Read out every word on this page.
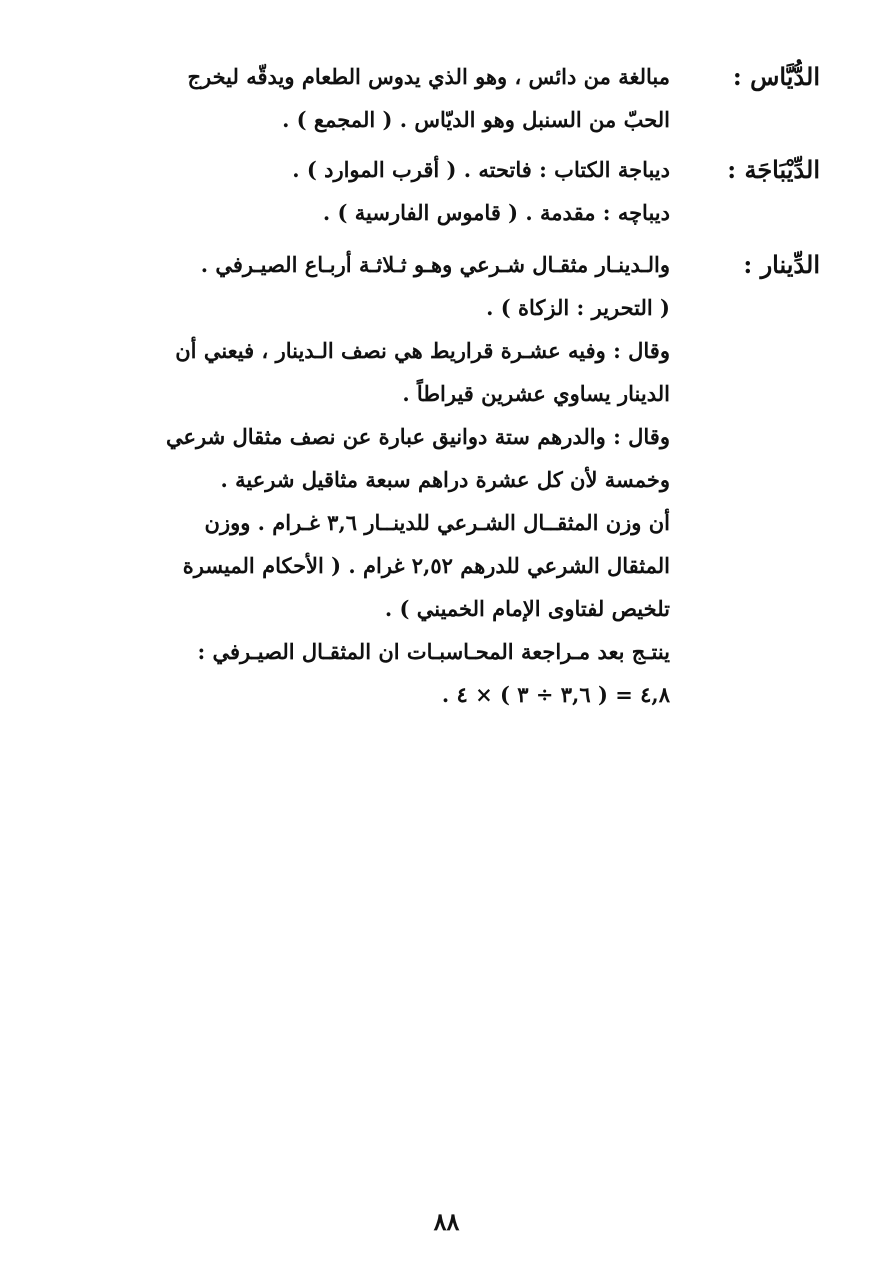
الدُّيَّاس :
مبالغة من دائس ، وهو الذي يدوس الطعام ويدقّه ليخرج
الحبّ من السنبل وهو الديّاس . ( المجمع ) .
الدِّيْبَاجَة :
ديباجة الكتاب : فاتحته . ( أقرب الموارد ) .
ديباچه : مقدمة . ( قاموس الفارسية ) .
الدِّينار :
والـدينـار مثقـال شـرعي وهـو ثـلاثـة أربـاع الصيـرفي .
( التحرير : الزكاة ) .
وقال : وفيه عشـرة قراريط هي نصف الـدينار ، فيعني أن
الدينار يساوي عشرين قيراطاً .
وقال : والدرهم ستة دوانيق عبارة عن نصف مثقال شرعي
وخمسة لأن كل عشرة دراهم سبعة مثاقيل شرعية .
أن وزن المثقــال الشـرعي للدينــار ٣,٦ غـرام . ووزن
المثقال الشرعي للدرهم ٢,٥٢ غرام . ( الأحكام الميسرة
تلخيص لفتاوى الإمام الخميني ) .
ينتـج بعد مـراجعة المحـاسبـات ان المثقـال الصيـرفي :
٤,٨ = ( ٣,٦ ÷ ٣ ) × ٤ .
٨٨
